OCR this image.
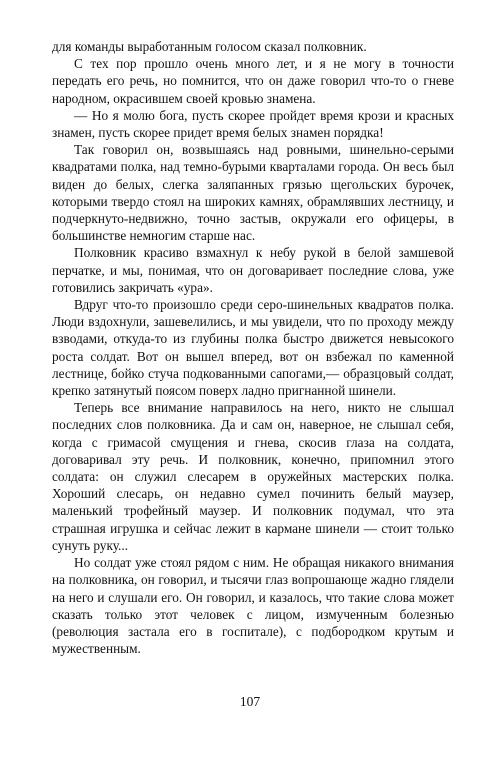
для команды выработанным голосом сказал полковник.

С тех пор прошло очень много лет, и я не могу в точности передать его речь, но помнится, что он даже говорил что-то о гневе народном, окрасившем своей кровью знамена.

— Но я молю бога, пусть скорее пройдет время крози и красных знамен, пусть скорее придет время белых знамен порядка!

Так говорил он, возвышаясь над ровными, шинельно-серыми квадратами полка, над темно-бурыми кварталами города. Он весь был виден до белых, слегка заляпанных грязью щегольских бурочек, которыми твердо стоял на широких камнях, обрамлявших лестницу, и подчеркнуто-недвижно, точно застыв, окружали его офицеры, в большинстве немногим старше нас.

Полковник красиво взмахнул к небу рукой в белой замшевой перчатке, и мы, понимая, что он договаривает последние слова, уже готовились закричать «ура».

Вдруг что-то произошло среди серо-шинельных квадратов полка. Люди вздохнули, зашевелились, и мы увидели, что по проходу между взводами, откуда-то из глубины полка быстро движется невысокого роста солдат. Вот он вышел вперед, вот он взбежал по каменной лестнице, бойко стуча подкованными сапогами,— образцовый солдат, крепко затянутый поясом поверх ладно пригнанной шинели.

Теперь все внимание направилось на него, никто не слышал последних слов полковника. Да и сам он, наверное, не слышал себя, когда с гримасой смущения и гнева, скосив глаза на солдата, договаривал эту речь. И полковник, конечно, припомнил этого солдата: он служил слесарем в оружейных мастерских полка. Хороший слесарь, он недавно сумел починить белый маузер, маленький трофейный маузер. И полковник подумал, что эта страшная игрушка и сейчас лежит в кармане шинели — стоит только сунуть руку...

Но солдат уже стоял рядом с ним. Не обращая никакого внимания на полковника, он говорил, и тысячи глаз вопрошающе жадно глядели на него и слушали его. Он говорил, и казалось, что такие слова может сказать только этот человек с лицом, измученным болезнью (революция застала его в госпитале), с подбородком крутым и мужественным.

107
